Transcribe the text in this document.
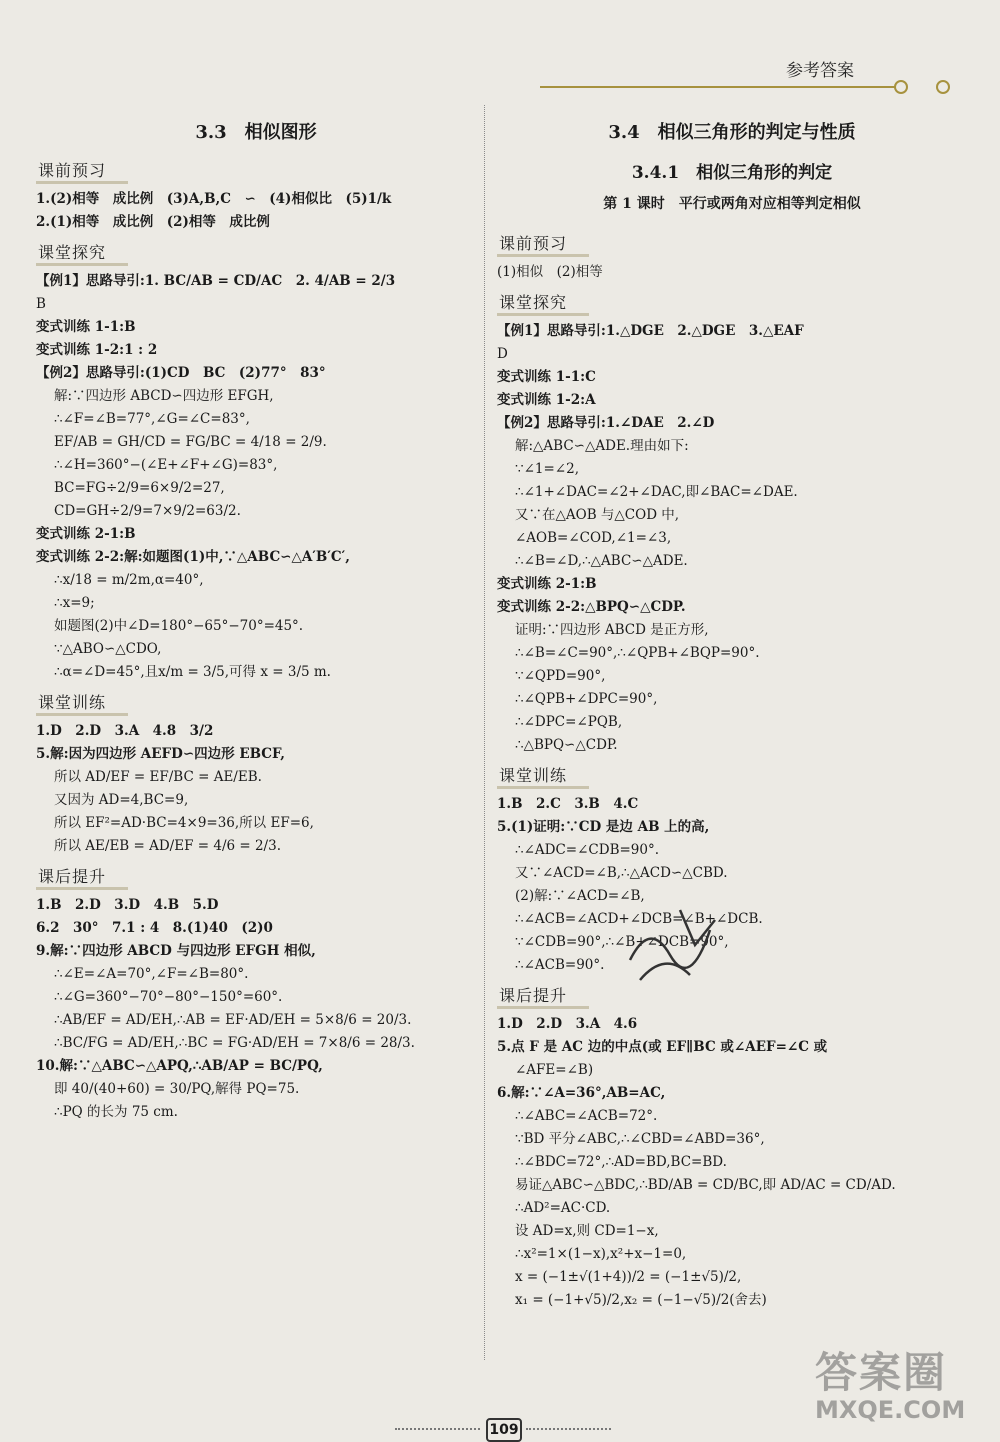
参考答案
3.3　相似图形
课前预习
1.(2)相等　成比例　(3)A,B,C　∽　(4)相似比　(5)1/k
2.(1)相等　成比例　(2)相等　成比例
课堂探究
【例1】思路导引:1. BC/AB = CD/AC　2. 4/AB = 2/3
B
变式训练 1-1:B
变式训练 1-2:1 : 2
【例2】思路导引:(1)CD　BC　(2)77°　83°
解:∵四边形 ABCD∽四边形 EFGH,
∴∠F=∠B=77°,∠G=∠C=83°,
EF/AB = GH/CD = FG/BC = 4/18 = 2/9.
∴∠H=360°−(∠E+∠F+∠G)=83°,
BC=FG÷2/9=6×9/2=27,
CD=GH÷2/9=7×9/2=63/2.
变式训练 2-1:B
变式训练 2-2:解:如题图(1)中,∵△ABC∽△A′B′C′,
∴x/18 = m/2m,α=40°,
∴x=9;
如题图(2)中∠D=180°−65°−70°=45°.
∵△ABO∽△CDO,
∴α=∠D=45°,且x/m = 3/5,可得 x = 3/5 m.
课堂训练
1.D　2.D　3.A　4.8　3/2
5.解:因为四边形 AEFD∽四边形 EBCF,
所以 AD/EF = EF/BC = AE/EB.
又因为 AD=4,BC=9,
所以 EF²=AD·BC=4×9=36,所以 EF=6,
所以 AE/EB = AD/EF = 4/6 = 2/3.
课后提升
1.B　2.D　3.D　4.B　5.D
6.2　30°　7.1 : 4　8.(1)40　(2)0
9.解:∵四边形 ABCD 与四边形 EFGH 相似,
∴∠E=∠A=70°,∠F=∠B=80°.
∴∠G=360°−70°−80°−150°=60°.
∴AB/EF = AD/EH,∴AB = EF·AD/EH = 5×8/6 = 20/3.
∴BC/FG = AD/EH,∴BC = FG·AD/EH = 7×8/6 = 28/3.
10.解:∵△ABC∽△APQ,∴AB/AP = BC/PQ,
即 40/(40+60) = 30/PQ,解得 PQ=75.
∴PQ 的长为 75 cm.
3.4　相似三角形的判定与性质
3.4.1　相似三角形的判定
第 1 课时　平行或两角对应相等判定相似
课前预习
(1)相似　(2)相等
课堂探究
【例1】思路导引:1.△DGE　2.△DGE　3.△EAF
D
变式训练 1-1:C
变式训练 1-2:A
【例2】思路导引:1.∠DAE　2.∠D
解:△ABC∽△ADE.理由如下:
∵∠1=∠2,
∴∠1+∠DAC=∠2+∠DAC,即∠BAC=∠DAE.
又∵在△AOB 与△COD 中,
∠AOB=∠COD,∠1=∠3,
∴∠B=∠D,∴△ABC∽△ADE.
变式训练 2-1:B
变式训练 2-2:△BPQ∽△CDP.
证明:∵四边形 ABCD 是正方形,
∴∠B=∠C=90°,∴∠QPB+∠BQP=90°.
∵∠QPD=90°,
∴∠QPB+∠DPC=90°,
∴∠DPC=∠PQB,
∴△BPQ∽△CDP.
课堂训练
1.B　2.C　3.B　4.C
5.(1)证明:∵CD 是边 AB 上的高,
∴∠ADC=∠CDB=90°.
又∵∠ACD=∠B,∴△ACD∽△CBD.
(2)解:∵∠ACD=∠B,
∴∠ACB=∠ACD+∠DCB=∠B+∠DCB.
∵∠CDB=90°,∴∠B+∠DCB=90°,
∴∠ACB=90°.
课后提升
1.D　2.D　3.A　4.6
5.点 F 是 AC 边的中点(或 EF∥BC 或∠AEF=∠C 或
∠AFE=∠B)
6.解:∵∠A=36°,AB=AC,
∴∠ABC=∠ACB=72°.
∵BD 平分∠ABC,∴∠CBD=∠ABD=36°,
∴∠BDC=72°,∴AD=BD,BC=BD.
易证△ABC∽△BDC,∴BD/AB = CD/BC,即 AD/AC = CD/AD.
∴AD²=AC·CD.
设 AD=x,则 CD=1−x,
∴x²=1×(1−x),x²+x−1=0,
x = (−1±√(1+4))/2 = (−1±√5)/2,
x₁ = (−1+√5)/2,x₂ = (−1−√5)/2(舍去)
109
答案圈
MXQE.COM
